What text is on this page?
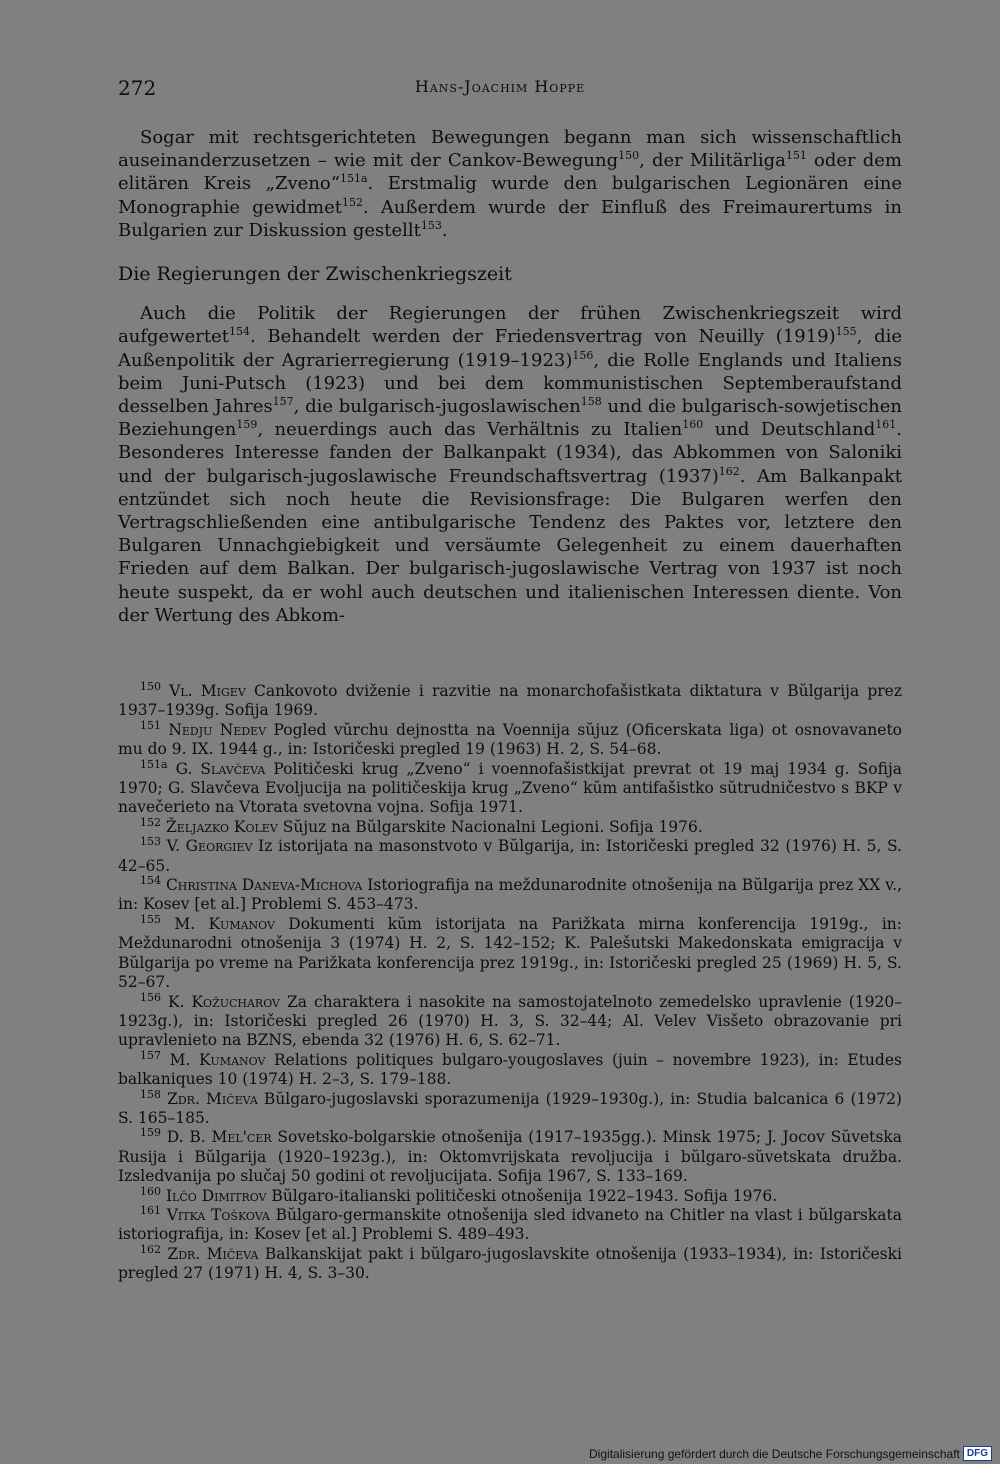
272	Hans-Joachim Hoppe

Sogar mit rechtsgerichteten Bewegungen begann man sich wissenschaftlich auseinanderzusetzen – wie mit der Cankov-Bewegung$^{150}$, der Militärliga$^{151}$ oder dem elitären Kreis „Zveno“$^{151a}$. Erstmalig wurde den bulgarischen Legionären eine Monographie gewidmet$^{152}$. Außerdem wurde der Einfluß des Freimaurertums in Bulgarien zur Diskussion gestellt$^{153}$.

Die Regierungen der Zwischenkriegszeit

Auch die Politik der Regierungen der frühen Zwischenkriegszeit wird aufgewertet$^{154}$. Behandelt werden der Friedensvertrag von Neuilly $(1919)^{155}$, die Außenpolitik der Agrarierregierung (1919–1923)$^{156}$, die Rolle Englands und Italiens beim Juni-Putsch (1923) und bei dem kommunistischen Septemberaufstand desselben Jahres$^{157}$, die bulgarisch-jugoslawischen$^{158}$ und die bulgarisch-sowjetischen Beziehungen$^{159}$, neuerdings auch das Verhältnis zu Italien$^{160}$ und Deutschland$^{161}$. Besonderes Interesse fanden der Balkanpakt (1934), das Abkommen von Saloniki und der bulgarisch-jugoslawische Freundschaftsvertrag $(1937)^{162}$. Am Balkanpakt entzündet sich noch heute die Revisionsfrage: Die Bulgaren werfen den Vertragschließenden eine antibulgarische Tendenz des Paktes vor, letztere den Bulgaren Unnachgiebigkeit und versäumte Gelegenheit zu einem dauerhaften Frieden auf dem Balkan. Der bulgarisch-jugoslawische Vertrag von 1937 ist noch heute suspekt, da er wohl auch deutschen und italienischen Interessen diente. Von der Wertung des Abkom-

$^{150}$ Vl. Migev Cankovoto dviženie i razvitie na monarchofašistkata diktatura v Bŭlgarija prez 1937–1939g. Sofija 1969.

$^{151}$ Nedju Nedev Pogled vŭrchu dejnostta na Voennija sŭjuz (Oficerskata liga) ot osnovavaneto mu do 9. IX. 1944 g., in: Istoričeski pregled 19 (1963) H. 2, S. 54–68.

$^{151a}$ G. Slavčeva Političeski krug „Zveno“ i voennofašistkijat prevrat ot 19 maj 1934 g. Sofija 1970; G. Slavčeva Evoljucija na političeskija krug „Zveno“ kŭm antifašistko sŭtrudničestvo s BKP v navečerieto na Vtorata svetovna vojna. Sofija 1971.

$^{152}$ Željazko Kolev Sŭjuz na Bŭlgarskite Nacionalni Legioni. Sofija 1976.

$^{153}$ V. Georgiev Iz istorijata na masonstvoto v Bŭlgarija, in: Istoričeski pregled 32 (1976) H. 5, S. 42–65.

$^{154}$ Christina Daneva-Michova Istoriografija na meždunarodnite otnošenija na Bŭlgarija prez XX v., in: Kosev [et al.] Problemi S. 453–473.

$^{155}$ M. Kumanov Dokumenti kŭm istorijata na Parižkata mirna konferencija 1919g., in: Meždunarodni otnošenija 3 (1974) H. 2, S. 142–152; K. Palešutski Makedonskata emigracija v Bŭlgarija po vreme na Parižkata konferencija prez 1919g., in: Istoričeski pregled 25 (1969) H. 5, S. 52–67.

$^{156}$ K. Kožucharov Za charaktera i nasokite na samostojatelnoto zemedelsko upravlenie (1920–1923g.), in: Istoričeski pregled 26 (1970) H. 3, S. 32–44; Al. Velev Visšeto obrazovanie pri upravlenieto na BZNS, ebenda 32 (1976) H. 6, S. 62–71.

$^{157}$ M. Kumanov Relations politiques bulgaro-yougoslaves (juin – novembre 1923), in: Etudes balkaniques 10 (1974) H. 2–3, S. 179–188.

$^{158}$ Zdr. Mičeva Bŭlgaro-jugoslavski sporazumenija (1929–1930g.), in: Studia balcanica 6 (1972) S. 165–185.

$^{159}$ D. B. Mel'cer Sovetsko-bolgarskie otnošenija (1917–1935gg.). Minsk 1975; J. Jocov Sŭvetska Rusija i Bŭlgarija (1920–1923g.), in: Oktomvrijskata revoljucija i bŭlgaro-sŭvetskata družba. Izsledvanija po slučaj 50 godini ot revoljucijata. Sofija 1967, S. 133–169.

$^{160}$ Ilčo Dimitrov Bŭlgaro-italianski političeski otnošenija 1922–1943. Sofija 1976.

$^{161}$ Vitka Toškova Bŭlgaro-germanskite otnošenija sled idvaneto na Chitler na vlast i bŭlgarskata istoriografija, in: Kosev [et al.] Problemi S. 489–493.

$^{162}$ Zdr. Mičeva Balkanskijat pakt i bŭlgaro-jugoslavskite otnošenija (1933–1934), in: Istoričeski pregled 27 (1971) H. 4, S. 3–30.

Digitalisierung gefördert durch die Deutsche Forschungsgemeinschaft DFG
